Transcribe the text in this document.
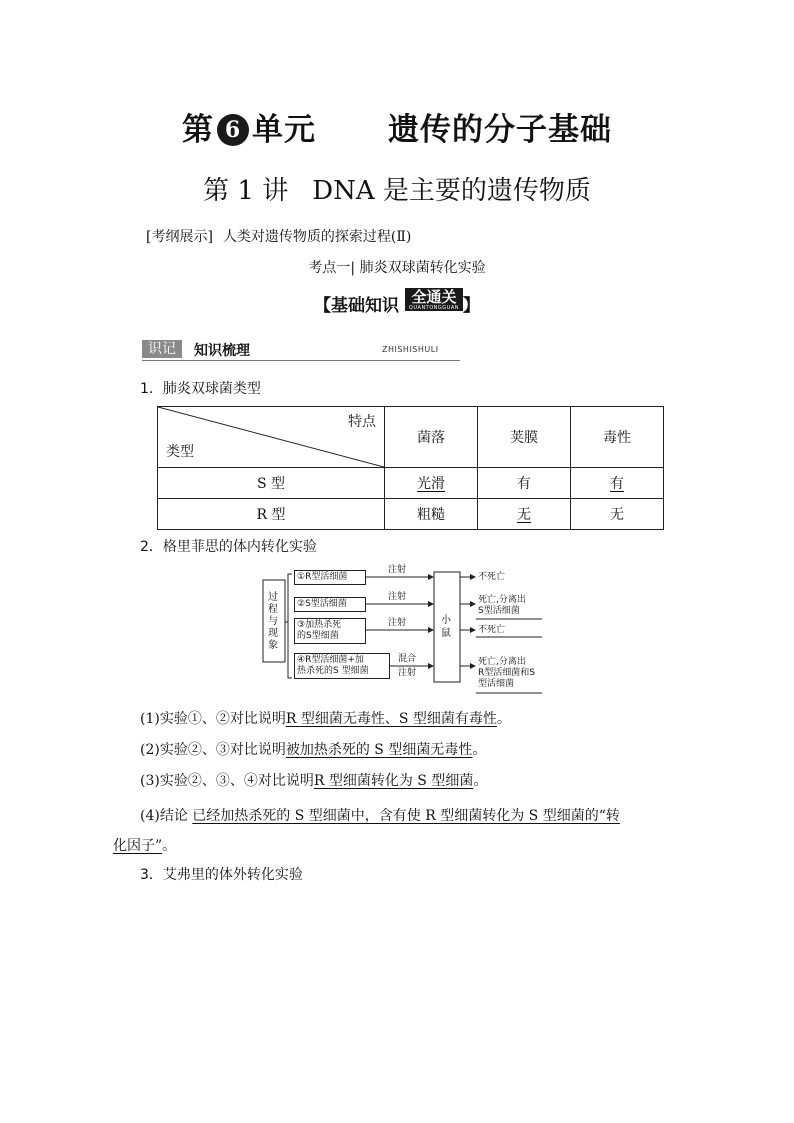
第 6 单元 遗传的分子基础
第 1 讲 DNA 是主要的遗传物质
[考纲展示] 人类对遗传物质的探索过程(Ⅱ)
考点一| 肺炎双球菌转化实验
【基础知识 全通关
QUANTONGGUAN 】
识记	知识梳理	ZHISHISHULI
1．肺炎双球菌类型
特点
类型	菌落	荚膜	毒性
S 型	光滑	有	有
R 型	粗糙	无	无
2．格里菲思的体内转化实验
过
程
与
现
象
①R型活细菌
②S型活细菌
③加热杀死
的S型细菌
④R型活细菌+加
热杀死的S 型细菌
注射
注射
注射
混合
注射
小
鼠
不死亡
死亡,分离出
S型活细菌
不死亡
死亡,分离出
R型活细菌和S
型活细菌
(1)实验①、②对比说明R 型细菌无毒性、S 型细菌有毒性。
(2)实验②、③对比说明被加热杀死的 S 型细菌无毒性。
(3)实验②、③、④对比说明R 型细菌转化为 S 型细菌。
(4)结论 已经加热杀死的 S 型细菌中，含有使 R 型细菌转化为 S 型细菌的“转
化因子”。
3．艾弗里的体外转化实验
